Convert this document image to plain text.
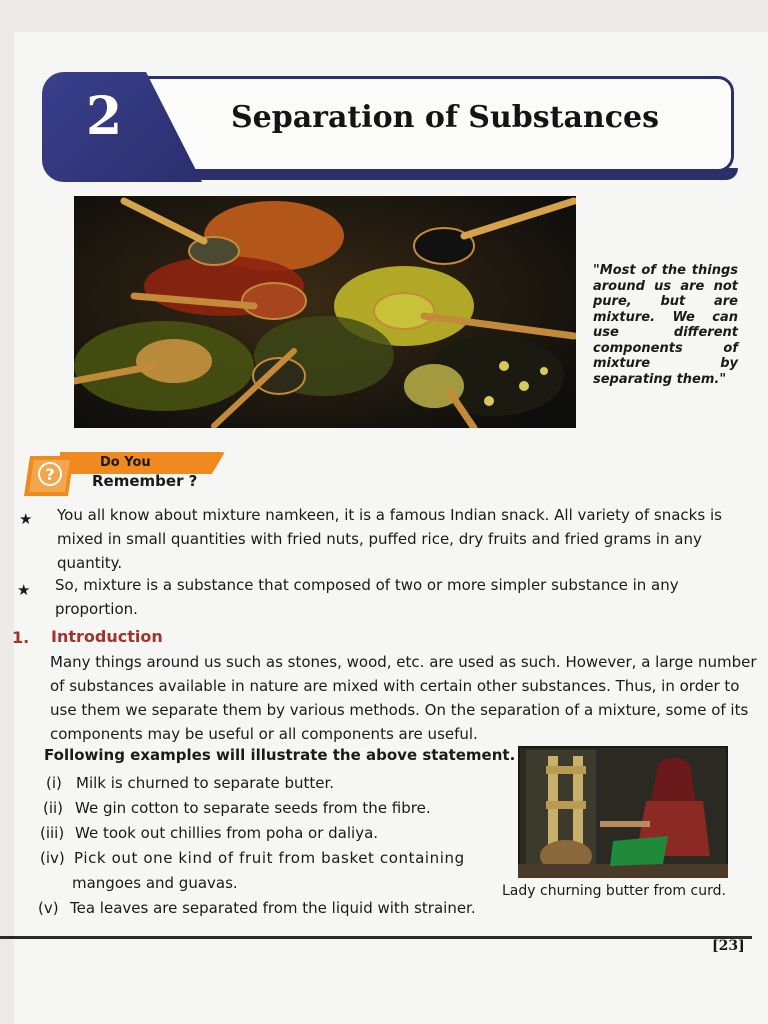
2	Separation of Substances
"Most of the things around us are not pure, but are mixture. We can use different components of mixture by separating them."
?
Do You
Remember ?
★ You all know about mixture namkeen, it is a famous Indian snack. All variety of snacks is
mixed in small quantities with fried nuts, puffed rice, dry fruits and fried grams in any
quantity.
★ So, mixture is a substance that composed of two or more simpler substance in any
proportion.
1. Introduction
Many things around us such as stones, wood, etc. are used as such. However, a large number
of substances available in nature are mixed with certain other substances. Thus, in order to
use them we separate them by various methods. On the separation of a mixture, some of its
components may be useful or all components are useful.
Following examples will illustrate the above statement.
(i) Milk is churned to separate butter.
(ii) We gin cotton to separate seeds from the fibre.
(iii) We took out chillies from poha or daliya.
(iv) Pick out one kind of fruit from basket containing
mangoes and guavas.
(v) Tea leaves are separated from the liquid with strainer.
Lady churning butter from curd.
[23]
